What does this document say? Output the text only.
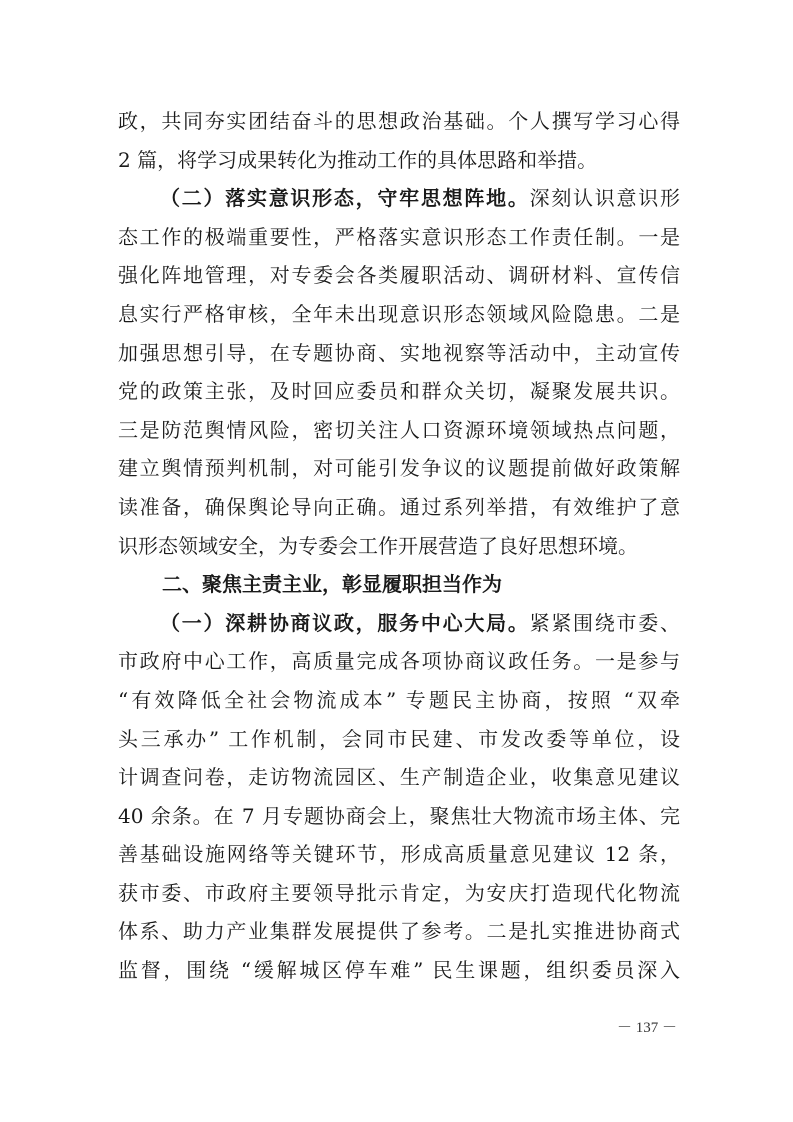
政，共同夯实团结奋斗的思想政治基础。个人撰写学习心得
2 篇，将学习成果转化为推动工作的具体思路和举措。
（二）落实意识形态，守牢思想阵地。深刻认识意识形
态工作的极端重要性，严格落实意识形态工作责任制。一是
强化阵地管理，对专委会各类履职活动、调研材料、宣传信
息实行严格审核，全年未出现意识形态领域风险隐患。二是
加强思想引导，在专题协商、实地视察等活动中，主动宣传
党的政策主张，及时回应委员和群众关切，凝聚发展共识。
三是防范舆情风险，密切关注人口资源环境领域热点问题，
建立舆情预判机制，对可能引发争议的议题提前做好政策解
读准备，确保舆论导向正确。通过系列举措，有效维护了意
识形态领域安全，为专委会工作开展营造了良好思想环境。
二、聚焦主责主业，彰显履职担当作为
（一）深耕协商议政，服务中心大局。紧紧围绕市委、
市政府中心工作，高质量完成各项协商议政任务。一是参与
“有效降低全社会物流成本” 专题民主协商，按照 “双牵
头三承办” 工作机制，会同市民建、市发改委等单位，设
计调查问卷，走访物流园区、生产制造企业，收集意见建议
40 余条。在 7 月专题协商会上，聚焦壮大物流市场主体、完
善基础设施网络等关键环节，形成高质量意见建议 12 条，
获市委、市政府主要领导批示肯定，为安庆打造现代化物流
体系、助力产业集群发展提供了参考。二是扎实推进协商式
监督，围绕 “缓解城区停车难” 民生课题，组织委员深入
－ 137 －
